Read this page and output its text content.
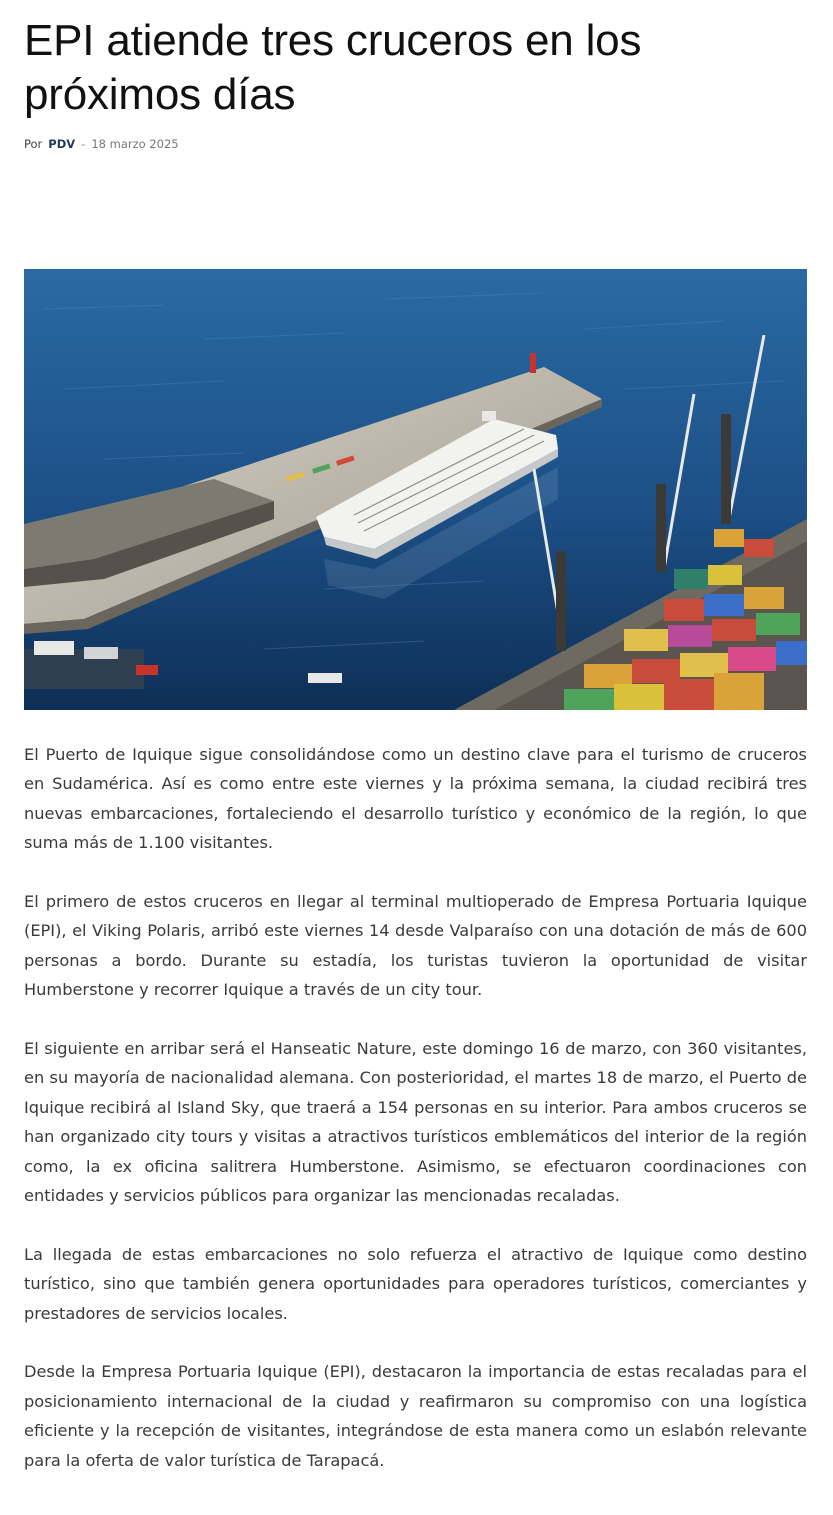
EPI atiende tres cruceros en los próximos días
Por PDV - 18 marzo 2025

El Puerto de Iquique sigue consolidándose como un destino clave para el turismo de cruceros en Sudamérica. Así es como entre este viernes y la próxima semana, la ciudad recibirá tres nuevas embarcaciones, fortaleciendo el desarrollo turístico y económico de la región, lo que suma más de 1.100 visitantes.

El primero de estos cruceros en llegar al terminal multioperado de Empresa Portuaria Iquique (EPI), el Viking Polaris, arribó este viernes 14 desde Valparaíso con una dotación de más de 600 personas a bordo. Durante su estadía, los turistas tuvieron la oportunidad de visitar Humberstone y recorrer Iquique a través de un city tour.

El siguiente en arribar será el Hanseatic Nature, este domingo 16 de marzo, con 360 visitantes, en su mayoría de nacionalidad alemana. Con posterioridad, el martes 18 de marzo, el Puerto de Iquique recibirá al Island Sky, que traerá a 154 personas en su interior. Para ambos cruceros se han organizado city tours y visitas a atractivos turísticos emblemáticos del interior de la región como, la ex oficina salitrera Humberstone. Asimismo, se efectuaron coordinaciones con entidades y servicios públicos para organizar las mencionadas recaladas.

La llegada de estas embarcaciones no solo refuerza el atractivo de Iquique como destino turístico, sino que también genera oportunidades para operadores turísticos, comerciantes y prestadores de servicios locales.

Desde la Empresa Portuaria Iquique (EPI), destacaron la importancia de estas recaladas para el posicionamiento internacional de la ciudad y reafirmaron su compromiso con una logística eficiente y la recepción de visitantes, integrándose de esta manera como un eslabón relevante para la oferta de valor turística de Tarapacá.
